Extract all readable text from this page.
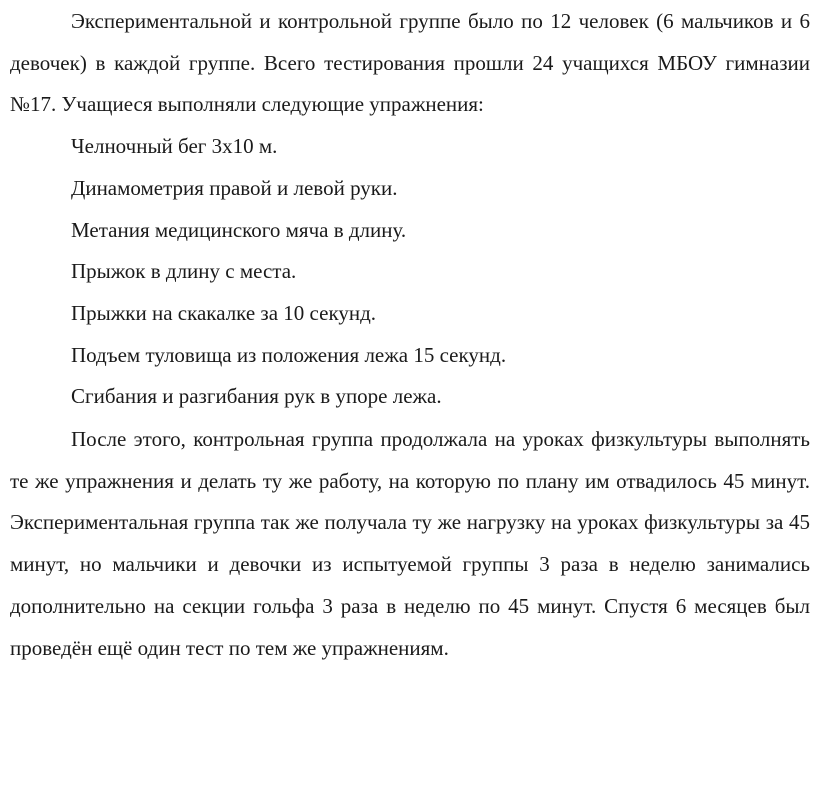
Экспериментальной и контрольной группе было по 12 человек (6 мальчиков и 6 девочек) в каждой группе. Всего тестирования прошли 24 учащихся МБОУ гимназии №17. Учащиеся выполняли следующие упражнения:

Челночный бег 3х10 м.

Динамометрия правой и левой руки.

Метания медицинского мяча в длину.

Прыжок в длину с места.

Прыжки на скакалке за 10 секунд.

Подъем туловища из положения лежа 15 секунд.

Сгибания и разгибания рук в упоре лежа.

После этого, контрольная группа продолжала на уроках физкультуры выполнять те же упражнения и делать ту же работу, на которую по плану им отвадилось 45 минут. Экспериментальная группа так же получала ту же нагрузку на уроках физкультуры за 45 минут, но мальчики и девочки из испытуемой группы 3 раза в неделю занимались дополнительно на секции гольфа 3 раза в неделю по 45 минут. Спустя 6 месяцев был проведён ещё один тест по тем же упражнениям.
